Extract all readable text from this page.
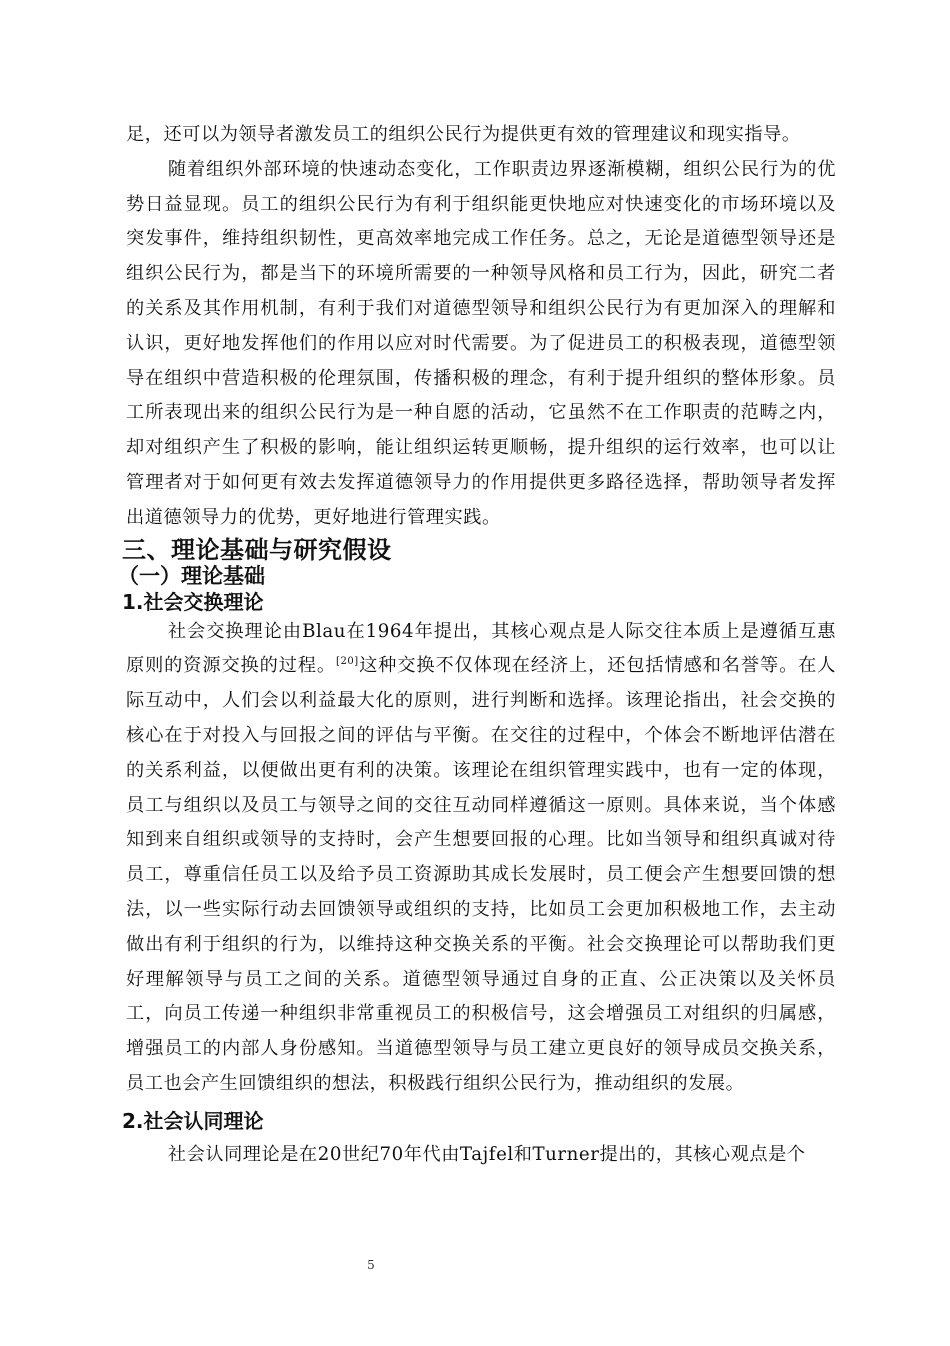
足，还可以为领导者激发员工的组织公民行为提供更有效的管理建议和现实指导。

随着组织外部环境的快速动态变化，工作职责边界逐渐模糊，组织公民行为的优势日益显现。员工的组织公民行为有利于组织能更快地应对快速变化的市场环境以及突发事件，维持组织韧性，更高效率地完成工作任务。总之，无论是道德型领导还是组织公民行为，都是当下的环境所需要的一种领导风格和员工行为，因此，研究二者的关系及其作用机制，有利于我们对道德型领导和组织公民行为有更加深入的理解和认识，更好地发挥他们的作用以应对时代需要。为了促进员工的积极表现，道德型领导在组织中营造积极的伦理氛围，传播积极的理念，有利于提升组织的整体形象。员工所表现出来的组织公民行为是一种自愿的活动，它虽然不在工作职责的范畴之内，却对组织产生了积极的影响，能让组织运转更顺畅，提升组织的运行效率，也可以让管理者对于如何更有效去发挥道德领导力的作用提供更多路径选择，帮助领导者发挥出道德领导力的优势，更好地进行管理实践。

三、理论基础与研究假设
（一）理论基础
1.社会交换理论

社会交换理论由Blau在1964年提出，其核心观点是人际交往本质上是遵循互惠原则的资源交换的过程。[20]这种交换不仅体现在经济上，还包括情感和名誉等。在人际互动中，人们会以利益最大化的原则，进行判断和选择。该理论指出，社会交换的核心在于对投入与回报之间的评估与平衡。在交往的过程中，个体会不断地评估潜在的关系利益，以便做出更有利的决策。该理论在组织管理实践中，也有一定的体现，员工与组织以及员工与领导之间的交往互动同样遵循这一原则。具体来说，当个体感知到来自组织或领导的支持时，会产生想要回报的心理。比如当领导和组织真诚对待员工，尊重信任员工以及给予员工资源助其成长发展时，员工便会产生想要回馈的想法，以一些实际行动去回馈领导或组织的支持，比如员工会更加积极地工作，去主动做出有利于组织的行为，以维持这种交换关系的平衡。社会交换理论可以帮助我们更好理解领导与员工之间的关系。道德型领导通过自身的正直、公正决策以及关怀员工，向员工传递一种组织非常重视员工的积极信号，这会增强员工对组织的归属感，增强员工的内部人身份感知。当道德型领导与员工建立更良好的领导成员交换关系，员工也会产生回馈组织的想法，积极践行组织公民行为，推动组织的发展。

2.社会认同理论

社会认同理论是在20世纪70年代由Tajfel和Turner提出的，其核心观点是个

5
